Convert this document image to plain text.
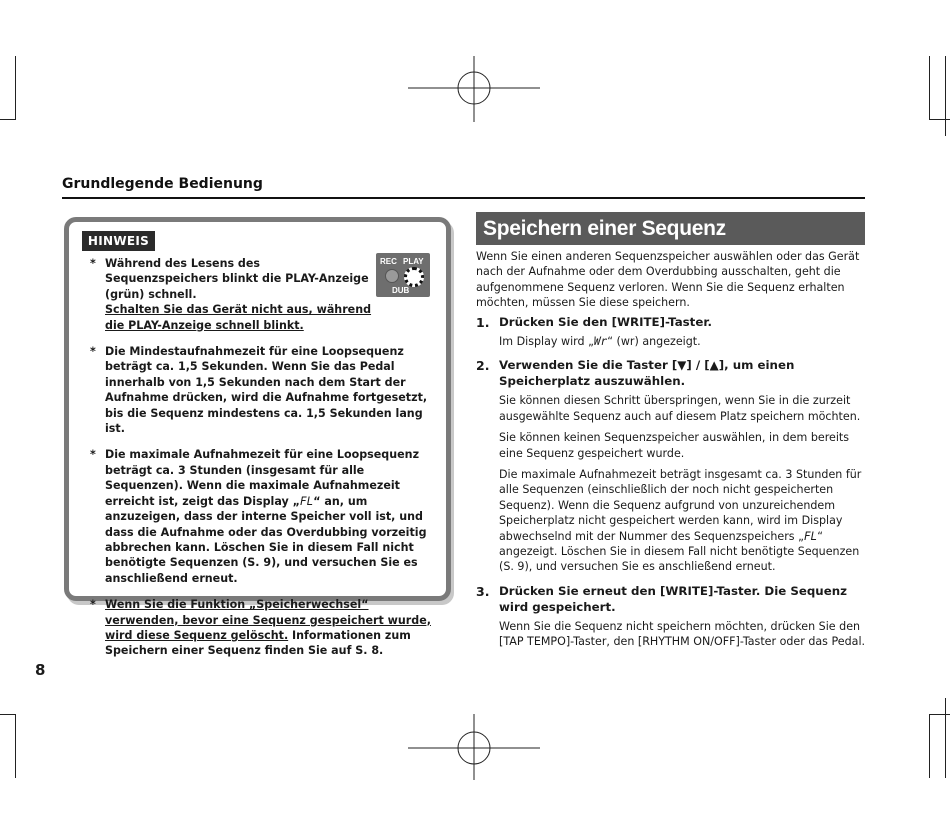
Grundlegende Bedienung
HINWEIS
REC PLAY
DUB
* Während des Lesens des Sequenzspeichers blinkt die PLAY-Anzeige (grün) schnell.
Schalten Sie das Gerät nicht aus, während die PLAY-Anzeige schnell blinkt.
* Die Mindestaufnahmezeit für eine Loopsequenz beträgt ca. 1,5 Sekunden. Wenn Sie das Pedal innerhalb von 1,5 Sekunden nach dem Start der Aufnahme drücken, wird die Aufnahme fortgesetzt, bis die Sequenz mindestens ca. 1,5 Sekunden lang ist.
* Die maximale Aufnahmezeit für eine Loopsequenz beträgt ca. 3 Stunden (insgesamt für alle Sequenzen). Wenn die maximale Aufnahmezeit erreicht ist, zeigt das Display „FL“ an, um anzuzeigen, dass der interne Speicher voll ist, und dass die Aufnahme oder das Overdubbing vorzeitig abbrechen kann. Löschen Sie in diesem Fall nicht benötigte Sequenzen (S. 9), und versuchen Sie es anschließend erneut.
* Wenn Sie die Funktion „Speicherwechsel“ verwenden, bevor eine Sequenz gespeichert wurde, wird diese Sequenz gelöscht. Informationen zum Speichern einer Sequenz finden Sie auf S. 8.
Speichern einer Sequenz

Wenn Sie einen anderen Sequenzspeicher auswählen oder das Gerät nach der Aufnahme oder dem Overdubbing ausschalten, geht die aufgenommene Sequenz verloren. Wenn Sie die Sequenz erhalten möchten, müssen Sie diese speichern.

1. Drücken Sie den [WRITE]-Taster.

Im Display wird „Wr“ (wr) angezeigt.

2. Verwenden Sie die Taster [▼] / [▲], um einen Speicherplatz auszuwählen.

Sie können diesen Schritt überspringen, wenn Sie in die zurzeit ausgewählte Sequenz auch auf diesem Platz speichern möchten.

Sie können keinen Sequenzspeicher auswählen, in dem bereits eine Sequenz gespeichert wurde.

Die maximale Aufnahmezeit beträgt insgesamt ca. 3 Stunden für alle Sequenzen (einschließlich der noch nicht gespeicherten Sequenz). Wenn die Sequenz aufgrund von unzureichendem Speicherplatz nicht gespeichert werden kann, wird im Display abwechselnd mit der Nummer des Sequenzspeichers „FL“ angezeigt. Löschen Sie in diesem Fall nicht benötigte Sequenzen (S. 9), und versuchen Sie es anschließend erneut.

3. Drücken Sie erneut den [WRITE]-Taster. Die Sequenz wird gespeichert.

Wenn Sie die Sequenz nicht speichern möchten, drücken Sie den [TAP TEMPO]-Taster, den [RHYTHM ON/OFF]-Taster oder das Pedal.

8
